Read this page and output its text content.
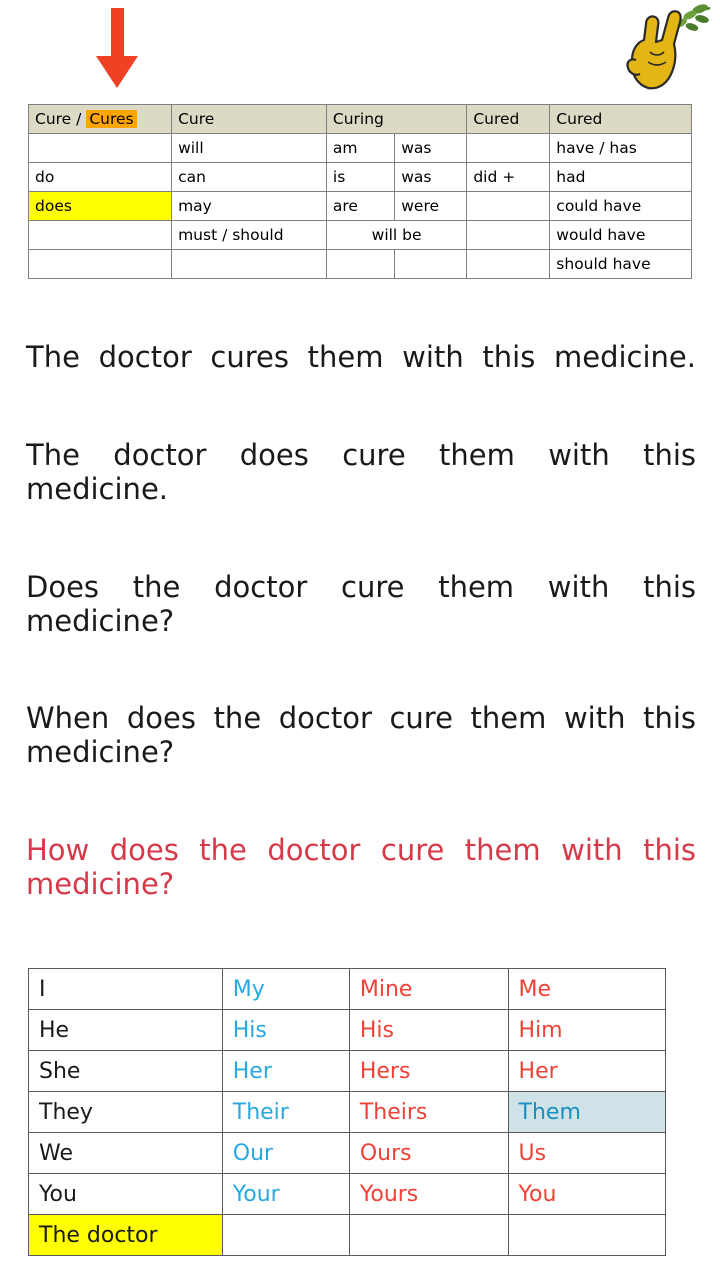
Cure / Cures	Cure	Curing		Cured	Cured
	will	am	was		have / has
do	can	is	was	did +	had
does	may	are	were		could have
	must / should	will be			would have
					should have

The doctor cures them with this medicine.

The doctor does cure them with this medicine.

Does the doctor cure them with this medicine?

When does the doctor cure them with this medicine?

How does the doctor cure them with this medicine?

I	My	Mine	Me
He	His	His	Him
She	Her	Hers	Her
They	Their	Theirs	Them
We	Our	Ours	Us
You	Your	Yours	You
The doctor			
